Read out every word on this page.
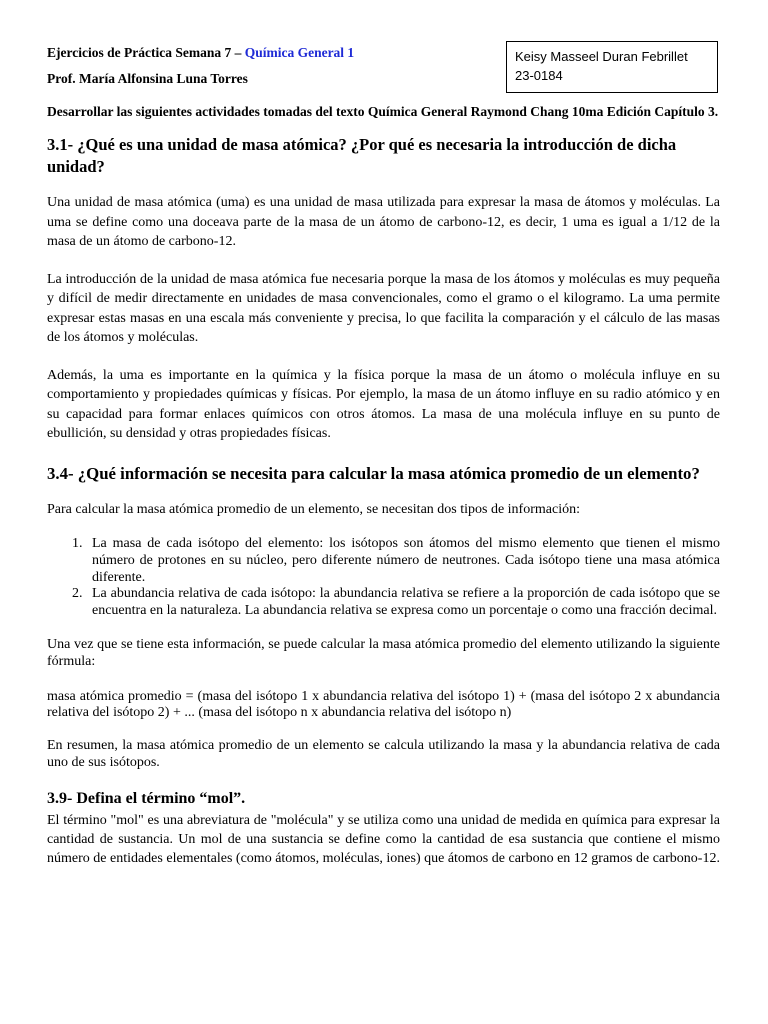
Ejercicios de Práctica Semana 7 – Química General 1
Prof. María Alfonsina Luna Torres
Desarrollar las siguientes actividades tomadas del texto Química General Raymond Chang 10ma Edición Capítulo 3.
3.1- ¿Qué es una unidad de masa atómica? ¿Por qué es necesaria la introducción de dicha unidad?

Una unidad de masa atómica (uma) es una unidad de masa utilizada para expresar la masa de átomos y moléculas. La uma se define como una doceava parte de la masa de un átomo de carbono-12, es decir, 1 uma es igual a 1/12 de la masa de un átomo de carbono-12.

La introducción de la unidad de masa atómica fue necesaria porque la masa de los átomos y moléculas es muy pequeña y difícil de medir directamente en unidades de masa convencionales, como el gramo o el kilogramo. La uma permite expresar estas masas en una escala más conveniente y precisa, lo que facilita la comparación y el cálculo de las masas de los átomos y moléculas.

Además, la uma es importante en la química y la física porque la masa de un átomo o molécula influye en su comportamiento y propiedades químicas y físicas. Por ejemplo, la masa de un átomo influye en su radio atómico y en su capacidad para formar enlaces químicos con otros átomos. La masa de una molécula influye en su punto de ebullición, su densidad y otras propiedades físicas.

3.4- ¿Qué información se necesita para calcular la masa atómica promedio de un elemento?

Para calcular la masa atómica promedio de un elemento, se necesitan dos tipos de información:

1. La masa de cada isótopo del elemento: los isótopos son átomos del mismo elemento que tienen el mismo número de protones en su núcleo, pero diferente número de neutrones. Cada isótopo tiene una masa atómica diferente.
2. La abundancia relativa de cada isótopo: la abundancia relativa se refiere a la proporción de cada isótopo que se encuentra en la naturaleza. La abundancia relativa se expresa como un porcentaje o como una fracción decimal.

Una vez que se tiene esta información, se puede calcular la masa atómica promedio del elemento utilizando la siguiente fórmula:

masa atómica promedio = (masa del isótopo 1 x abundancia relativa del isótopo 1) + (masa del isótopo 2 x abundancia relativa del isótopo 2) + ... (masa del isótopo n x abundancia relativa del isótopo n)

En resumen, la masa atómica promedio de un elemento se calcula utilizando la masa y la abundancia relativa de cada uno de sus isótopos.

3.9- Defina el término “mol”.

El término "mol" es una abreviatura de "molécula" y se utiliza como una unidad de medida en química para expresar la cantidad de sustancia. Un mol de una sustancia se define como la cantidad de esa sustancia que contiene el mismo número de entidades elementales (como átomos, moléculas, iones) que átomos de carbono en 12 gramos de carbono-12.

Keisy Masseel Duran Febrillet
23-0184
